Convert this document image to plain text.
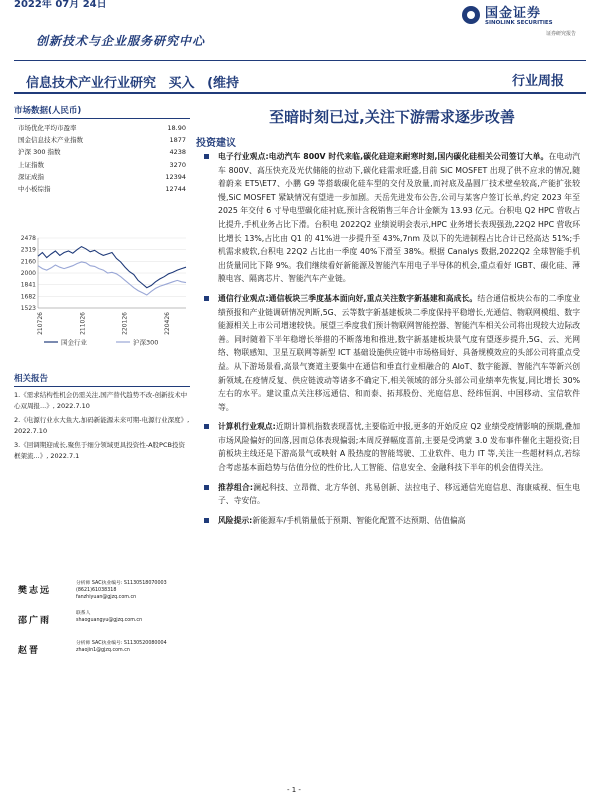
2022年 07月 24日
创新技术与企业服务研究中心
国金证券
SINOLINK SECURITIES
证券研究报告
信息技术产业行业研究 买入 (维持	行业周报
市场数据(人民币)
市场优化平均市盈率	18.90
国金信息技术产业指数	1877
沪深 300 指数	4238
上证指数	3270
深证成指	12394
中小板综指	12744
2478
2319
2160
2000
1841
1682
1523
210726	211026	220126	220426
国金行业	沪深300
相关报告
1.《需求结构性机会仍需关注,国产替代趋势不改-创新技术中心双周报...》, 2022.7.10
2.《电源行业水大鱼大,加码新能源未来可期-电源行业深度》, 2022.7.10
3.《回调期迎成长,聚焦于细分领域更具投资性-A股PCB投资框架流...》, 2022.7.1
樊志远
分析师 SAC执业编号: S1130518070003
(8621)61038318
fanzhiyuan@gjzq.com.cn
邵广雨
联系人
shaoguangyu@gjzq.com.cn
赵晋
分析师 SAC执业编号: S1130520080004
zhaojin1@gjzq.com.cn
至暗时刻已过,关注下游需求逐步改善
投资建议
电子行业观点:电动汽车 800V 时代来临,碳化硅迎来耐寒时刻,国内碳化硅相关公司签订大单。在电动汽车 800V、高压快充及光伏储能的拉动下,碳化硅需求旺盛,目前 SiC MOSFET 出现了供不应求的情况,随着蔚来 ET5\ET7、小鹏 G9 等搭载碳化硅车型的交付及放量,而衬底及晶圆厂技术壁垒较高,产能扩张较慢,SiC MOSFET 紧缺情况有望进一步加剧。天岳先进发布公告,公司与某客户签订长单,约定 2023 年至 2025 年交付 6 寸导电型碳化硅衬底,预计含税销售三年合计金额为 13.93 亿元。台积电 Q2 HPC 营收占比提升,手机业务占比下滑。台积电 2022Q2 业绩说明会表示,HPC 业务增长表现强劲,22Q2 HPC 营收环比增长 13%,占比由 Q1 的 41%进一步提升至 43%,7nm 及以下的先进制程占比合计已经高达 51%;手机需求疲软,台积电 22Q2 占比由一季度 40%下滑至 38%。根据 Canalys 数据,2022Q2 全球智能手机出货量同比下降 9%。我们继续看好新能源及智能汽车用电子半导体的机会,重点看好 IGBT、碳化硅、薄膜电容、隔离芯片、智能汽车产业链。
通信行业观点:通信板块三季度基本面向好,重点关注数字新基建和高成长。结合通信板块公布的二季度业绩预报和产业链调研情况判断,5G、云等数字新基建板块二季度保持平稳增长,光通信、物联网模组、数字能源相关上市公司增速较快。展望三季度我们预计物联网智能控器、智能汽车相关公司将出现较大边际改善。同时随着下半年稳增长举措的不断落地和推进,数字新基建板块景气度有望逐步提升,5G、云、光网络、物联感知、卫星互联网等新型 ICT 基础设施供应链中市场格局好、具备规模效应的头部公司将重点受益。从下游场景看,高景气赛道主要集中在通信和垂直行业相融合的 AIoT、数字能源、智能汽车等新兴创新领域,在疫情反复、供应链波动等诸多不确定下,相关领域的部分头部公司业绩率先恢复,同比增长 30%左右的水平。建议重点关注移远通信、和而泰、拓邦股份、光庭信息、经纬恒润、中国移动、宝信软件等。
计算机行业观点:近期计算机指数表现喜忧,主要临近中报,更多的开始反应 Q2 业绩受疫情影响的预期,叠加市场风险偏好的回落,因而总体表现偏弱;本周反弹幅度喜前,主要是受鸿蒙 3.0 发布事件催化主题投资;目前板块主线还是下游高景气或映射 A 股热度的智能驾驶、工业软件、电力 IT 等,关注一些超材料点,若综合考虑基本面趋势与估值分位的性价比,人工智能、信息安全、金融科技下半年的机会值得关注。
推荐组合:澜起科技、立昂微、北方华创、兆易创新、法拉电子、移远通信光庭信息、海康威视、恒生电子、寺安信。
风险提示:新能源车/手机销量低于预期、智能化配置不达预期、估值偏高
- 1 -
